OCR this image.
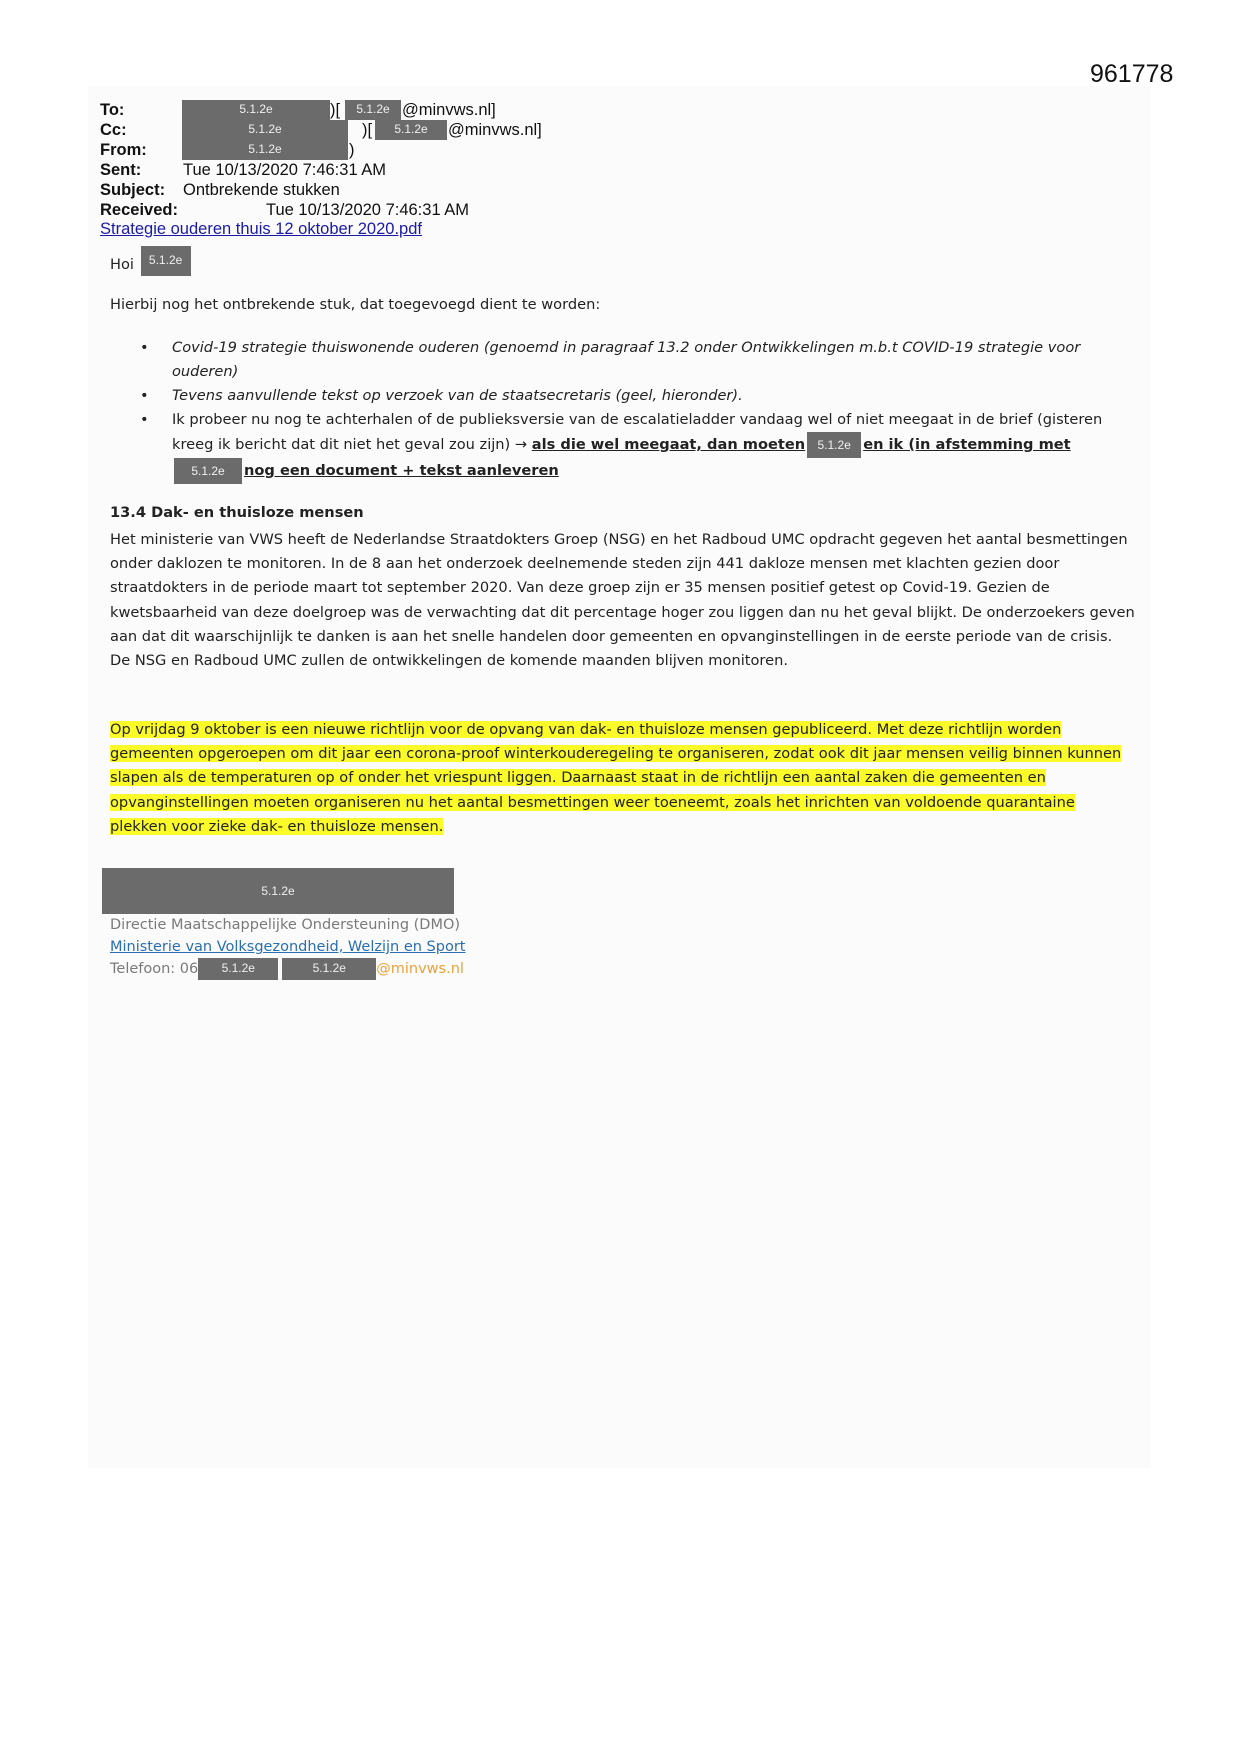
961778
To:	5.1.2e	)[	5.1.2e @minvws.nl]
Cc:	5.1.2e	)[	5.1.2e	@minvws.nl]
From:	5.1.2e	)
Sent:	Tue 10/13/2020 7:46:31 AM
Subject: Ontbrekende stukken
Received:	Tue 10/13/2020 7:46:31 AM
Strategie ouderen thuis 12 oktober 2020.pdf
Hoi 5.1.2e
Hierbij nog het ontbrekende stuk, dat toegevoegd dient te worden:
• Covid-19 strategie thuiswonende ouderen (genoemd in paragraaf 13.2 onder Ontwikkelingen m.b.t COVID-19 strategie voor ouderen)
• Tevens aanvullende tekst op verzoek van de staatsecretaris (geel, hieronder).
• Ik probeer nu nog te achterhalen of de publieksversie van de escalatieladder vandaag wel of niet meegaat in de brief (gisteren kreeg ik bericht dat dit niet het geval zou zijn) → als die wel meegaat, dan moeten 5.1.2e en ik (in afstemming met5.1.2e nog een document + tekst aanleveren
13.4 Dak- en thuisloze mensen
Het ministerie van VWS heeft de Nederlandse Straatdokters Groep (NSG) en het Radboud UMC opdracht gegeven het aantal besmettingen onder daklozen te monitoren. In de 8 aan het onderzoek deelnemende steden zijn 441 dakloze mensen met klachten gezien door straatdokters in de periode maart tot september 2020. Van deze groep zijn er 35 mensen positief getest op Covid-19. Gezien de kwetsbaarheid van deze doelgroep was de verwachting dat dit percentage hoger zou liggen dan nu het geval blijkt. De onderzoekers geven aan dat dit waarschijnlijk te danken is aan het snelle handelen door gemeenten en opvanginstellingen in de eerste periode van de crisis. De NSG en Radboud UMC zullen de ontwikkelingen de komende maanden blijven monitoren.
Op vrijdag 9 oktober is een nieuwe richtlijn voor de opvang van dak- en thuisloze mensen gepubliceerd. Met deze richtlijn worden gemeenten opgeroepen om dit jaar een corona-proof winterkouderegeling te organiseren, zodat ook dit jaar mensen veilig binnen kunnen slapen als de temperaturen op of onder het vriespunt liggen. Daarnaast staat in de richtlijn een aantal zaken die gemeenten en opvanginstellingen moeten organiseren nu het aantal besmettingen weer toeneemt, zoals het inrichten van voldoende quarantaine plekken voor zieke dak- en thuisloze mensen.
5.1.2e
Directie Maatschappelijke Ondersteuning (DMO)
Ministerie van Volksgezondheid, Welzijn en Sport
Telefoon: 06 5.1.2e	5.1.2e @minvws.nl
